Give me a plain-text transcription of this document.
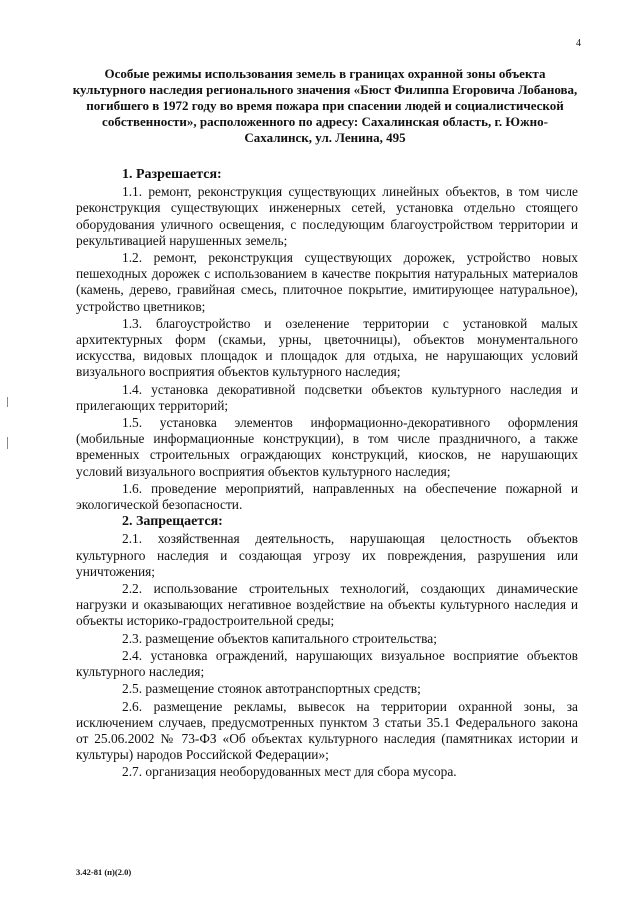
4
Особые режимы использования земель в границах охранной зоны объекта культурного наследия регионального значения «Бюст Филиппа Егоровича Лобанова, погибшего в 1972 году во время пожара при спасении людей и социалистической собственности», расположенного по адресу: Сахалинская область, г. Южно-Сахалинск, ул. Ленина, 495
1. Разрешается:

1.1. ремонт, реконструкция существующих линейных объектов, в том числе реконструкция существующих инженерных сетей, установка отдельно стоящего оборудования уличного освещения, с последующим благоустройством территории и рекультивацией нарушенных земель;

1.2. ремонт, реконструкция существующих дорожек, устройство новых пешеходных дорожек с использованием в качестве покрытия натуральных материалов (камень, дерево, гравийная смесь, плиточное покрытие, имитирующее натуральное), устройство цветников;

1.3. благоустройство и озеленение территории с установкой малых архитектурных форм (скамьи, урны, цветочницы), объектов монументального искусства, видовых площадок и площадок для отдыха, не нарушающих условий визуального восприятия объектов культурного наследия;

1.4. установка декоративной подсветки объектов культурного наследия и прилегающих территорий;

1.5. установка элементов информационно-декоративного оформления (мобильные информационные конструкции), в том числе праздничного, а также временных строительных ограждающих конструкций, киосков, не нарушающих условий визуального восприятия объектов культурного наследия;

1.6. проведение мероприятий, направленных на обеспечение пожарной и экологической безопасности.

2. Запрещается:

2.1. хозяйственная деятельность, нарушающая целостность объектов культурного наследия и создающая угрозу их повреждения, разрушения или уничтожения;

2.2. использование строительных технологий, создающих динамические нагрузки и оказывающих негативное воздействие на объекты культурного наследия и объекты историко-градостроительной среды;

2.3. размещение объектов капитального строительства;

2.4. установка ограждений, нарушающих визуальное восприятие объектов культурного наследия;

2.5. размещение стоянок автотранспортных средств;

2.6. размещение рекламы, вывесок на территории охранной зоны, за исключением случаев, предусмотренных пунктом 3 статьи 35.1 Федерального закона от 25.06.2002 № 73-ФЗ «Об объектах культурного наследия (памятниках истории и культуры) народов Российской Федерации»;

2.7. организация необорудованных мест для сбора мусора.

3.42-81 (п)(2.0)
